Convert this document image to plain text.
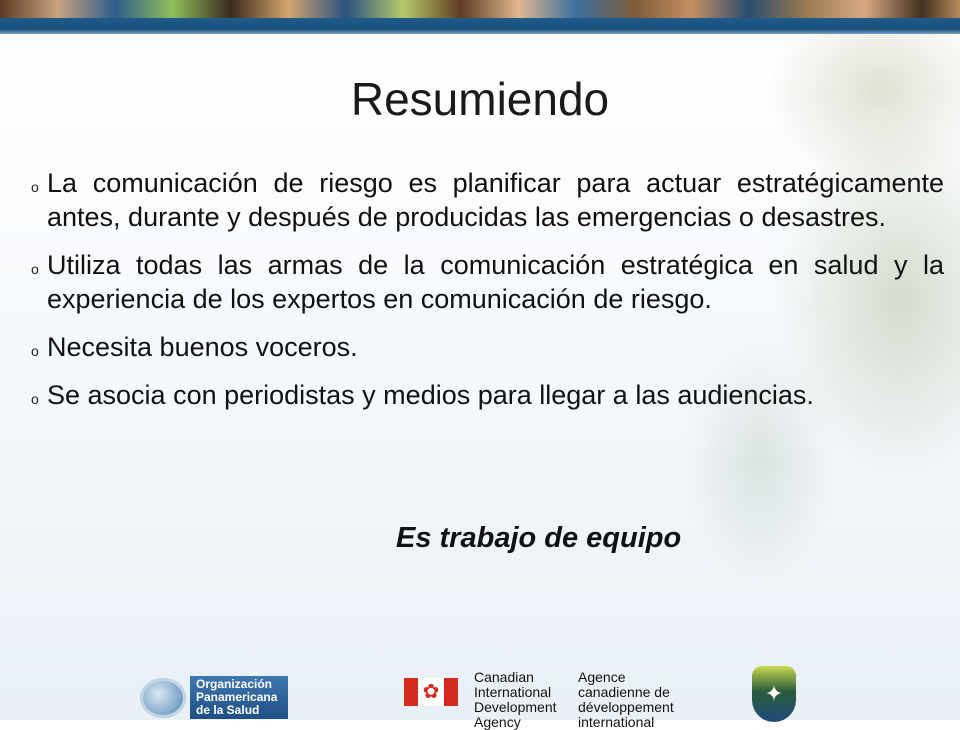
Resumiendo
o La comunicación de riesgo es planificar para actuar estratégicamente antes, durante y después de producidas las emergencias o desastres.
o Utiliza todas las armas de la comunicación estratégica en salud y la experiencia de los expertos en comunicación de riesgo.
o Necesita buenos voceros.
o Se asocia con periodistas y medios para llegar a las audiencias.
Es trabajo de equipo
Organización
Panamericana
de la Salud
✿
Canadian
International
Development
Agency
Agence
canadienne de
développement
international
✦
